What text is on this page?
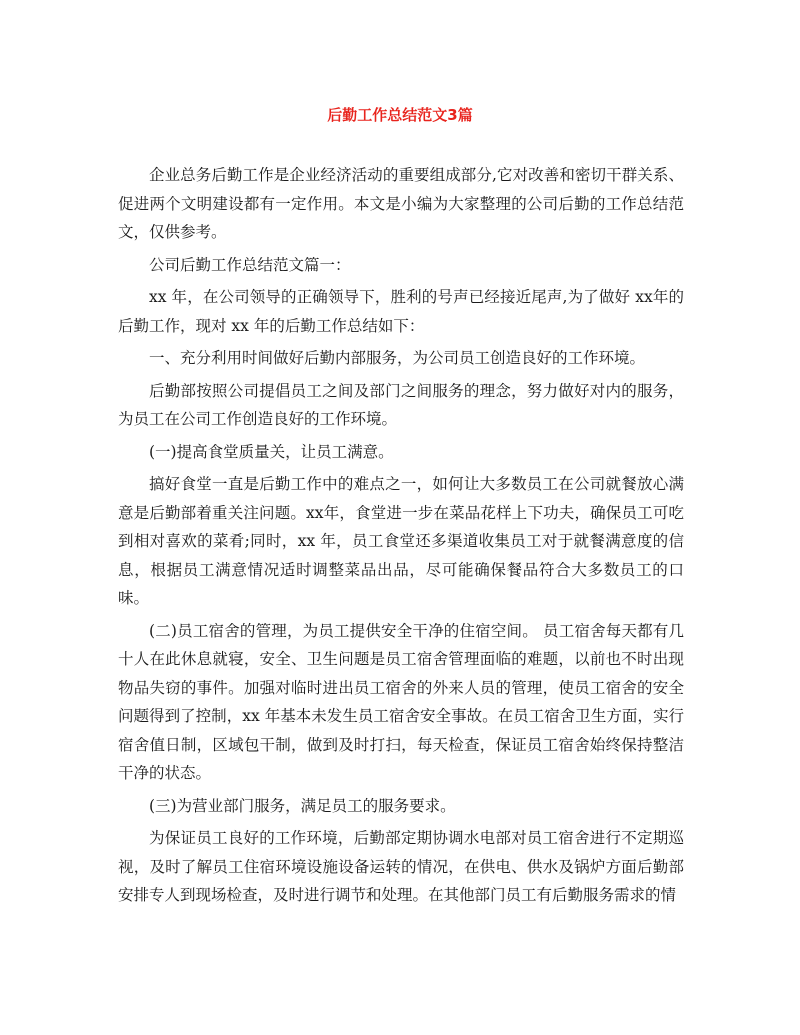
后勤工作总结范文3篇

企业总务后勤工作是企业经济活动的重要组成部分,它对改善和密切干群关系、促进两个文明建设都有一定作用。本文是小编为大家整理的公司后勤的工作总结范文，仅供参考。

公司后勤工作总结范文篇一：

xx 年，在公司领导的正确领导下，胜利的号声已经接近尾声,为了做好 xx年的后勤工作，现对 xx 年的后勤工作总结如下：

一、充分利用时间做好后勤内部服务，为公司员工创造良好的工作环境。

后勤部按照公司提倡员工之间及部门之间服务的理念，努力做好对内的服务，为员工在公司工作创造良好的工作环境。

(一)提高食堂质量关，让员工满意。

搞好食堂一直是后勤工作中的难点之一，如何让大多数员工在公司就餐放心满意是后勤部着重关注问题。xx年，食堂进一步在菜品花样上下功夫，确保员工可吃到相对喜欢的菜肴;同时，xx 年，员工食堂还多渠道收集员工对于就餐满意度的信息，根据员工满意情况适时调整菜品出品，尽可能确保餐品符合大多数员工的口味。

(二)员工宿舍的管理，为员工提供安全干净的住宿空间。 员工宿舍每天都有几十人在此休息就寝，安全、卫生问题是员工宿舍管理面临的难题，以前也不时出现物品失窃的事件。加强对临时进出员工宿舍的外来人员的管理，使员工宿舍的安全问题得到了控制，xx 年基本未发生员工宿舍安全事故。在员工宿舍卫生方面，实行宿舍值日制，区域包干制，做到及时打扫，每天检查，保证员工宿舍始终保持整洁干净的状态。

(三)为营业部门服务，满足员工的服务要求。

为保证员工良好的工作环境，后勤部定期协调水电部对员工宿舍进行不定期巡视，及时了解员工住宿环境设施设备运转的情况，在供电、供水及锅炉方面后勤部安排专人到现场检查，及时进行调节和处理。在其他部门员工有后勤服务需求的情
